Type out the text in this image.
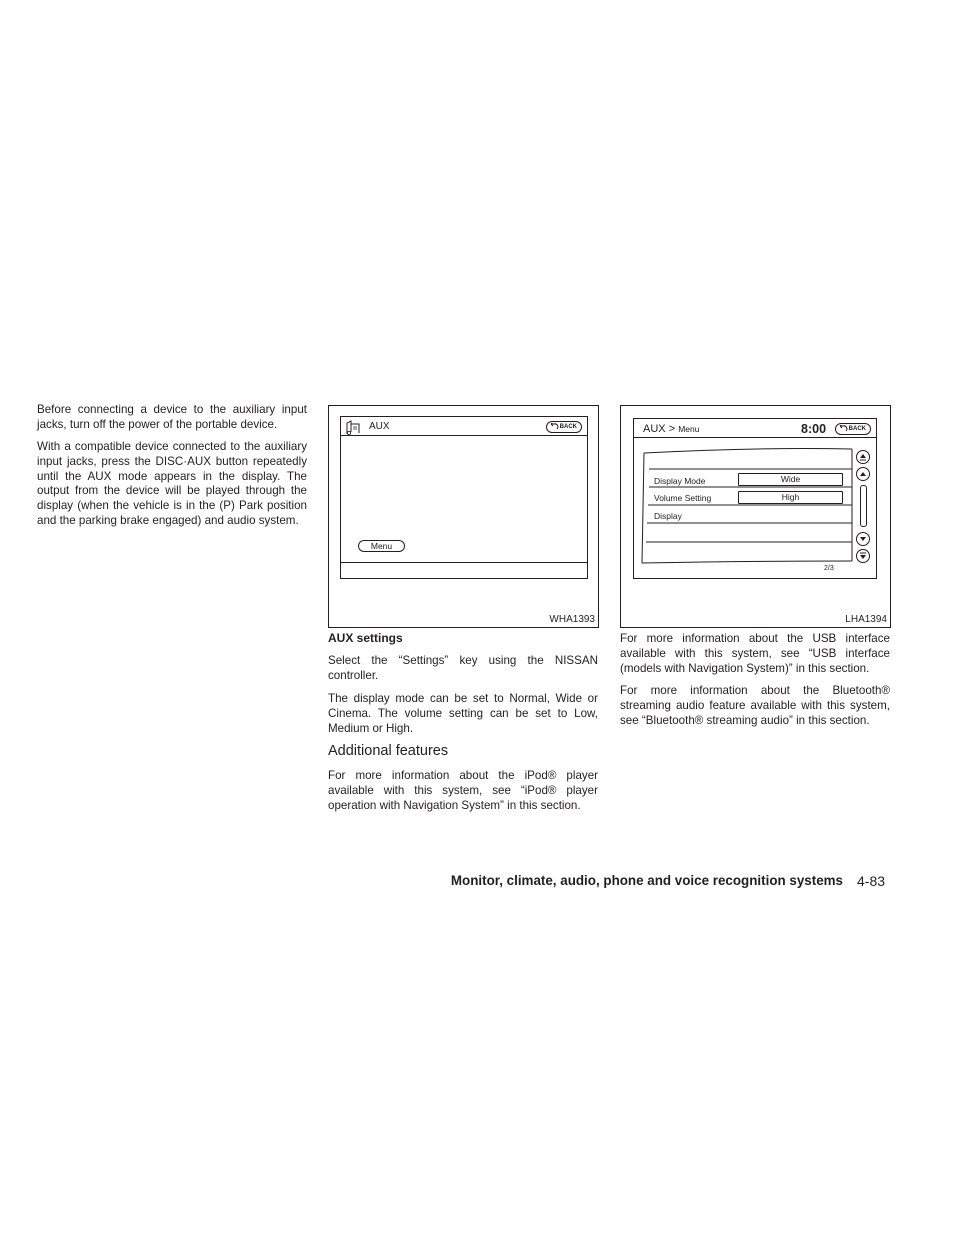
Before connecting a device to the auxiliary input jacks, turn off the power of the portable device.

With a compatible device connected to the auxiliary input jacks, press the DISC·AUX button repeatedly until the AUX mode appears in the display. The output from the device will be played through the display (when the vehicle is in the (P) Park position and the parking brake engaged) and audio system.

AUX	BACK
Menu
WHA1393
AUX > Menu	8:00	BACK
Display Mode	Wide
Volume Setting	High
Display
2/3
LHA1394
AUX settings

Select the “Settings” key using the NISSAN controller.

The display mode can be set to Normal, Wide or Cinema. The volume setting can be set to Low, Medium or High.

Additional features

For more information about the iPod® player available with this system, see “iPod® player operation with Navigation System” in this section.

For more information about the USB interface available with this system, see “USB interface (models with Navigation System)” in this section.

For more information about the Bluetooth® streaming audio feature available with this system, see “Bluetooth® streaming audio” in this section.

Monitor, climate, audio, phone and voice recognition systems 4-83
